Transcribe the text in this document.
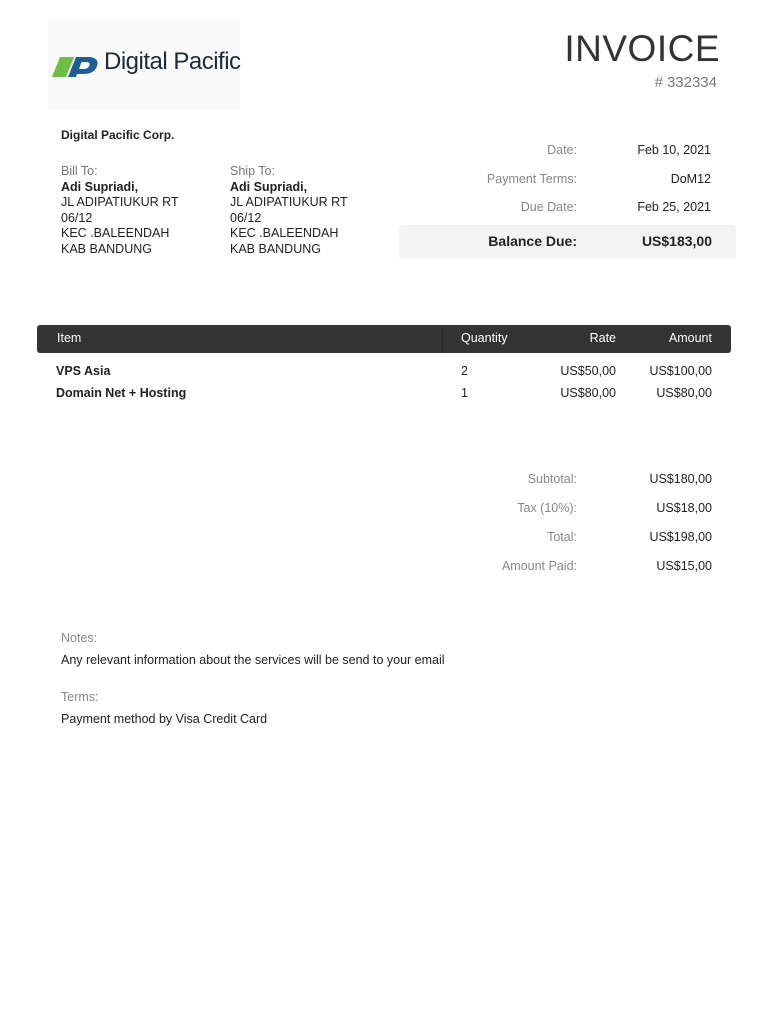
Digital Pacific	INVOICE
# 332334
Digital Pacific Corp.
Bill To:
Adi Supriadi,
JL ADIPATIUKUR RT
06/12
KEC .BALEENDAH
KAB BANDUNG
Ship To:
Adi Supriadi,
JL ADIPATIUKUR RT
06/12
KEC .BALEENDAH
KAB BANDUNG
Date:	Feb 10, 2021
Payment Terms:	DoM12
Due Date:	Feb 25, 2021
Balance Due:	US$183,00
Item	Quantity	Rate	Amount
VPS Asia	2	US$50,00	US$100,00
Domain Net + Hosting	1	US$80,00	US$80,00
Subtotal:	US$180,00
Tax (10%):	US$18,00
Total:	US$198,00
Amount Paid:	US$15,00
Notes:
Any relevant information about the services will be send to your email
Terms:
Payment method by Visa Credit Card
